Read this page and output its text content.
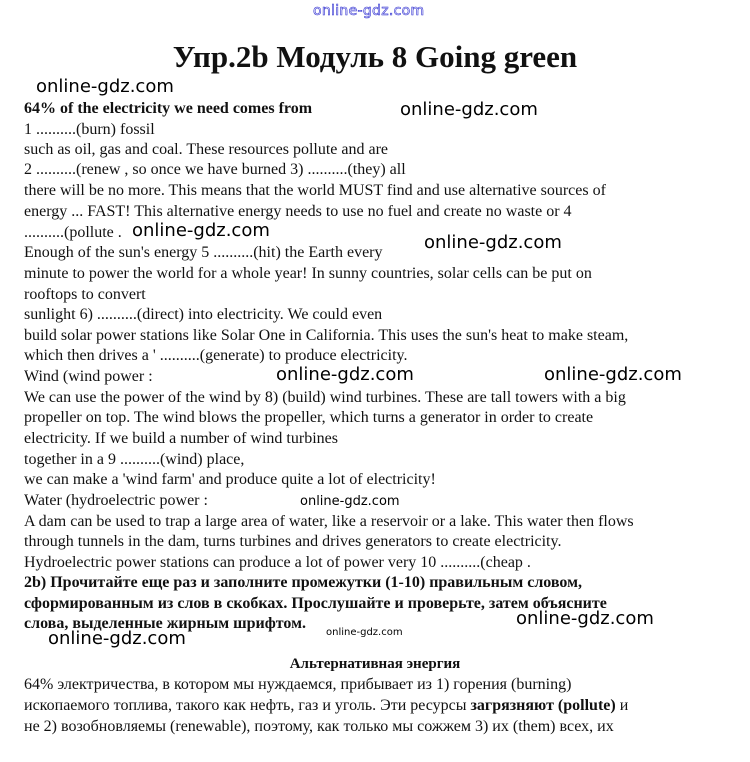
online-gdz.com
Упр.2b Модуль 8 Going green
64% of the electricity we need comes from
1 ..........(burn) fossil
such as oil, gas and coal. These resources pollute and are
2 ..........(renew , so once we have burned 3) ..........(they) all
there will be no more. This means that the world MUST find and use alternative sources of
energy ... FAST! This alternative energy needs to use no fuel and create no waste or 4
..........(pollute .
Enough of the sun's energy 5 ..........(hit) the Earth every
minute to power the world for a whole year! In sunny countries, solar cells can be put on
rooftops to convert
sunlight 6) ..........(direct) into electricity. We could even
build solar power stations like Solar One in California. This uses the sun's heat to make steam,
which then drives a ' ..........(generate) to produce electricity.
Wind (wind power :
We can use the power of the wind by 8) (build) wind turbines. These are tall towers with a big
propeller on top. The wind blows the propeller, which turns a generator in order to create
electricity. If we build a number of wind turbines
together in a 9 ..........(wind) place,
we can make a 'wind farm' and produce quite a lot of electricity!
Water (hydroelectric power :
A dam can be used to trap a large area of water, like a reservoir or a lake. This water then flows
through tunnels in the dam, turns turbines and drives generators to create electricity.
Hydroelectric power stations can produce a lot of power very 10 ..........(cheap .
2b) Прочитайте еще раз и заполните промежутки (1-10) правильным словом,
сформированным из слов в скобках. Прослушайте и проверьте, затем объясните
слова, выделенные жирным шрифтом.
Альтернативная энергия
64% электричества, в котором мы нуждаемся, прибывает из 1) горения (burning)
ископаемого топлива, такого как нефть, газ и уголь. Эти ресурсы загрязняют (pollute) и
не 2) возобновляемы (renewable), поэтому, как только мы сожжем 3) их (them) всех, их
online-gdz.com
online-gdz.com
online-gdz.com
online-gdz.com
online-gdz.com	online-gdz.com
online-gdz.com
online-gdz.com
online-gdz.com	online-gdz.com
